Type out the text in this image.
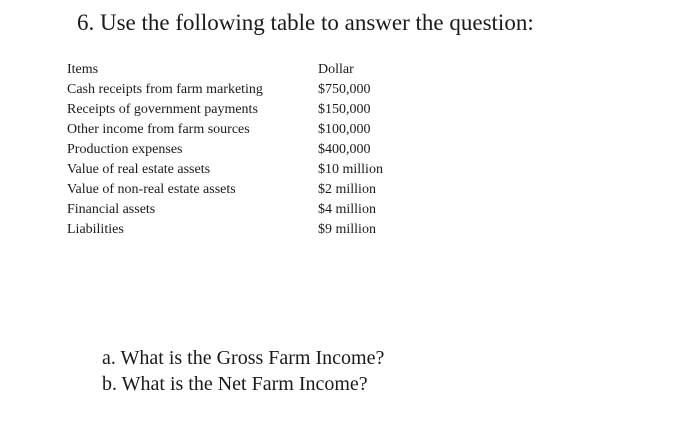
6. Use the following table to answer the question:
Items	Dollar
Cash receipts from farm marketing	$750,000
Receipts of government payments	$150,000
Other income from farm sources	$100,000
Production expenses	$400,000
Value of real estate assets	$10 million
Value of non-real estate assets	$2 million
Financial assets	$4 million
Liabilities	$9 million
a. What is the Gross Farm Income?
b. What is the Net Farm Income?
